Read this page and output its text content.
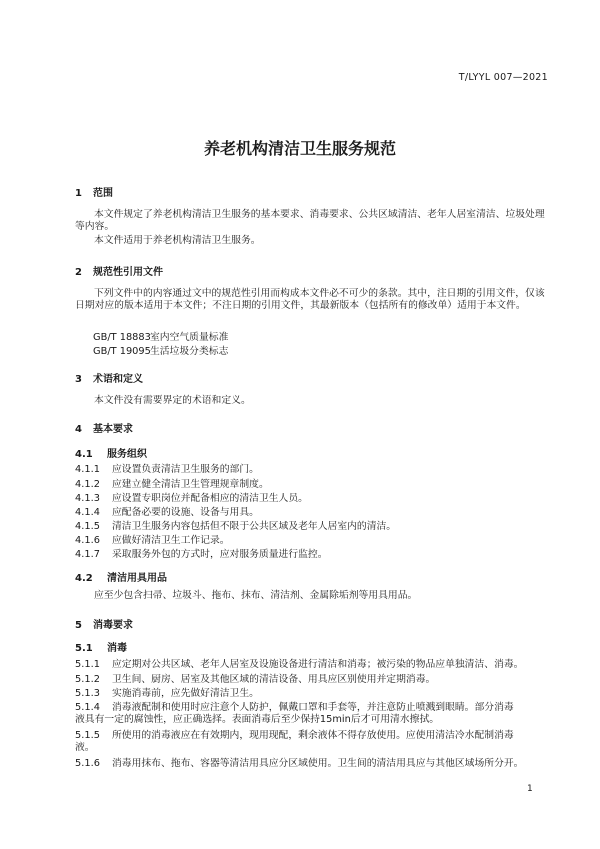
T/LYYL 007—2021
养老机构清洁卫生服务规范
1 范围
本文件规定了养老机构清洁卫生服务的基本要求、消毒要求、公共区域清洁、老年人居室清洁、垃圾处理等内容。
本文件适用于养老机构清洁卫生服务。
2 规范性引用文件
下列文件中的内容通过文中的规范性引用而构成本文件必不可少的条款。其中，注日期的引用文件，仅该日期对应的版本适用于本文件；不注日期的引用文件，其最新版本（包括所有的修改单）适用于本文件。
GB/T 18883室内空气质量标准
GB/T 19095生活垃圾分类标志
3 术语和定义
本文件没有需要界定的术语和定义。
4 基本要求
4.1 服务组织
4.1.1 应设置负责清洁卫生服务的部门。
4.1.2 应建立健全清洁卫生管理规章制度。
4.1.3 应设置专职岗位并配备相应的清洁卫生人员。
4.1.4 应配备必要的设施、设备与用具。
4.1.5 清洁卫生服务内容包括但不限于公共区域及老年人居室内的清洁。
4.1.6 应做好清洁卫生工作记录。
4.1.7 采取服务外包的方式时，应对服务质量进行监控。
4.2 清洁用具用品
应至少包含扫帚、垃圾斗、拖布、抹布、清洁剂、金属除垢剂等用具用品。
5 消毒要求
5.1 消毒
5.1.1 应定期对公共区域、老年人居室及设施设备进行清洁和消毒；被污染的物品应单独清洁、消毒。
5.1.2 卫生间、厨房、居室及其他区域的清洁设备、用具应区别使用并定期消毒。
5.1.3 实施消毒前，应先做好清洁卫生。
5.1.4 消毒液配制和使用时应注意个人防护，佩戴口罩和手套等，并注意防止喷溅到眼睛。部分消毒
液具有一定的腐蚀性，应正确选择。表面消毒后至少保持15min后才可用清水擦拭。
5.1.5 所使用的消毒液应在有效期内，现用现配，剩余液体不得存放使用。应使用清洁冷水配制消毒
液。
5.1.6 消毒用抹布、拖布、容器等清洁用具应分区域使用。卫生间的清洁用具应与其他区域场所分开。
1
